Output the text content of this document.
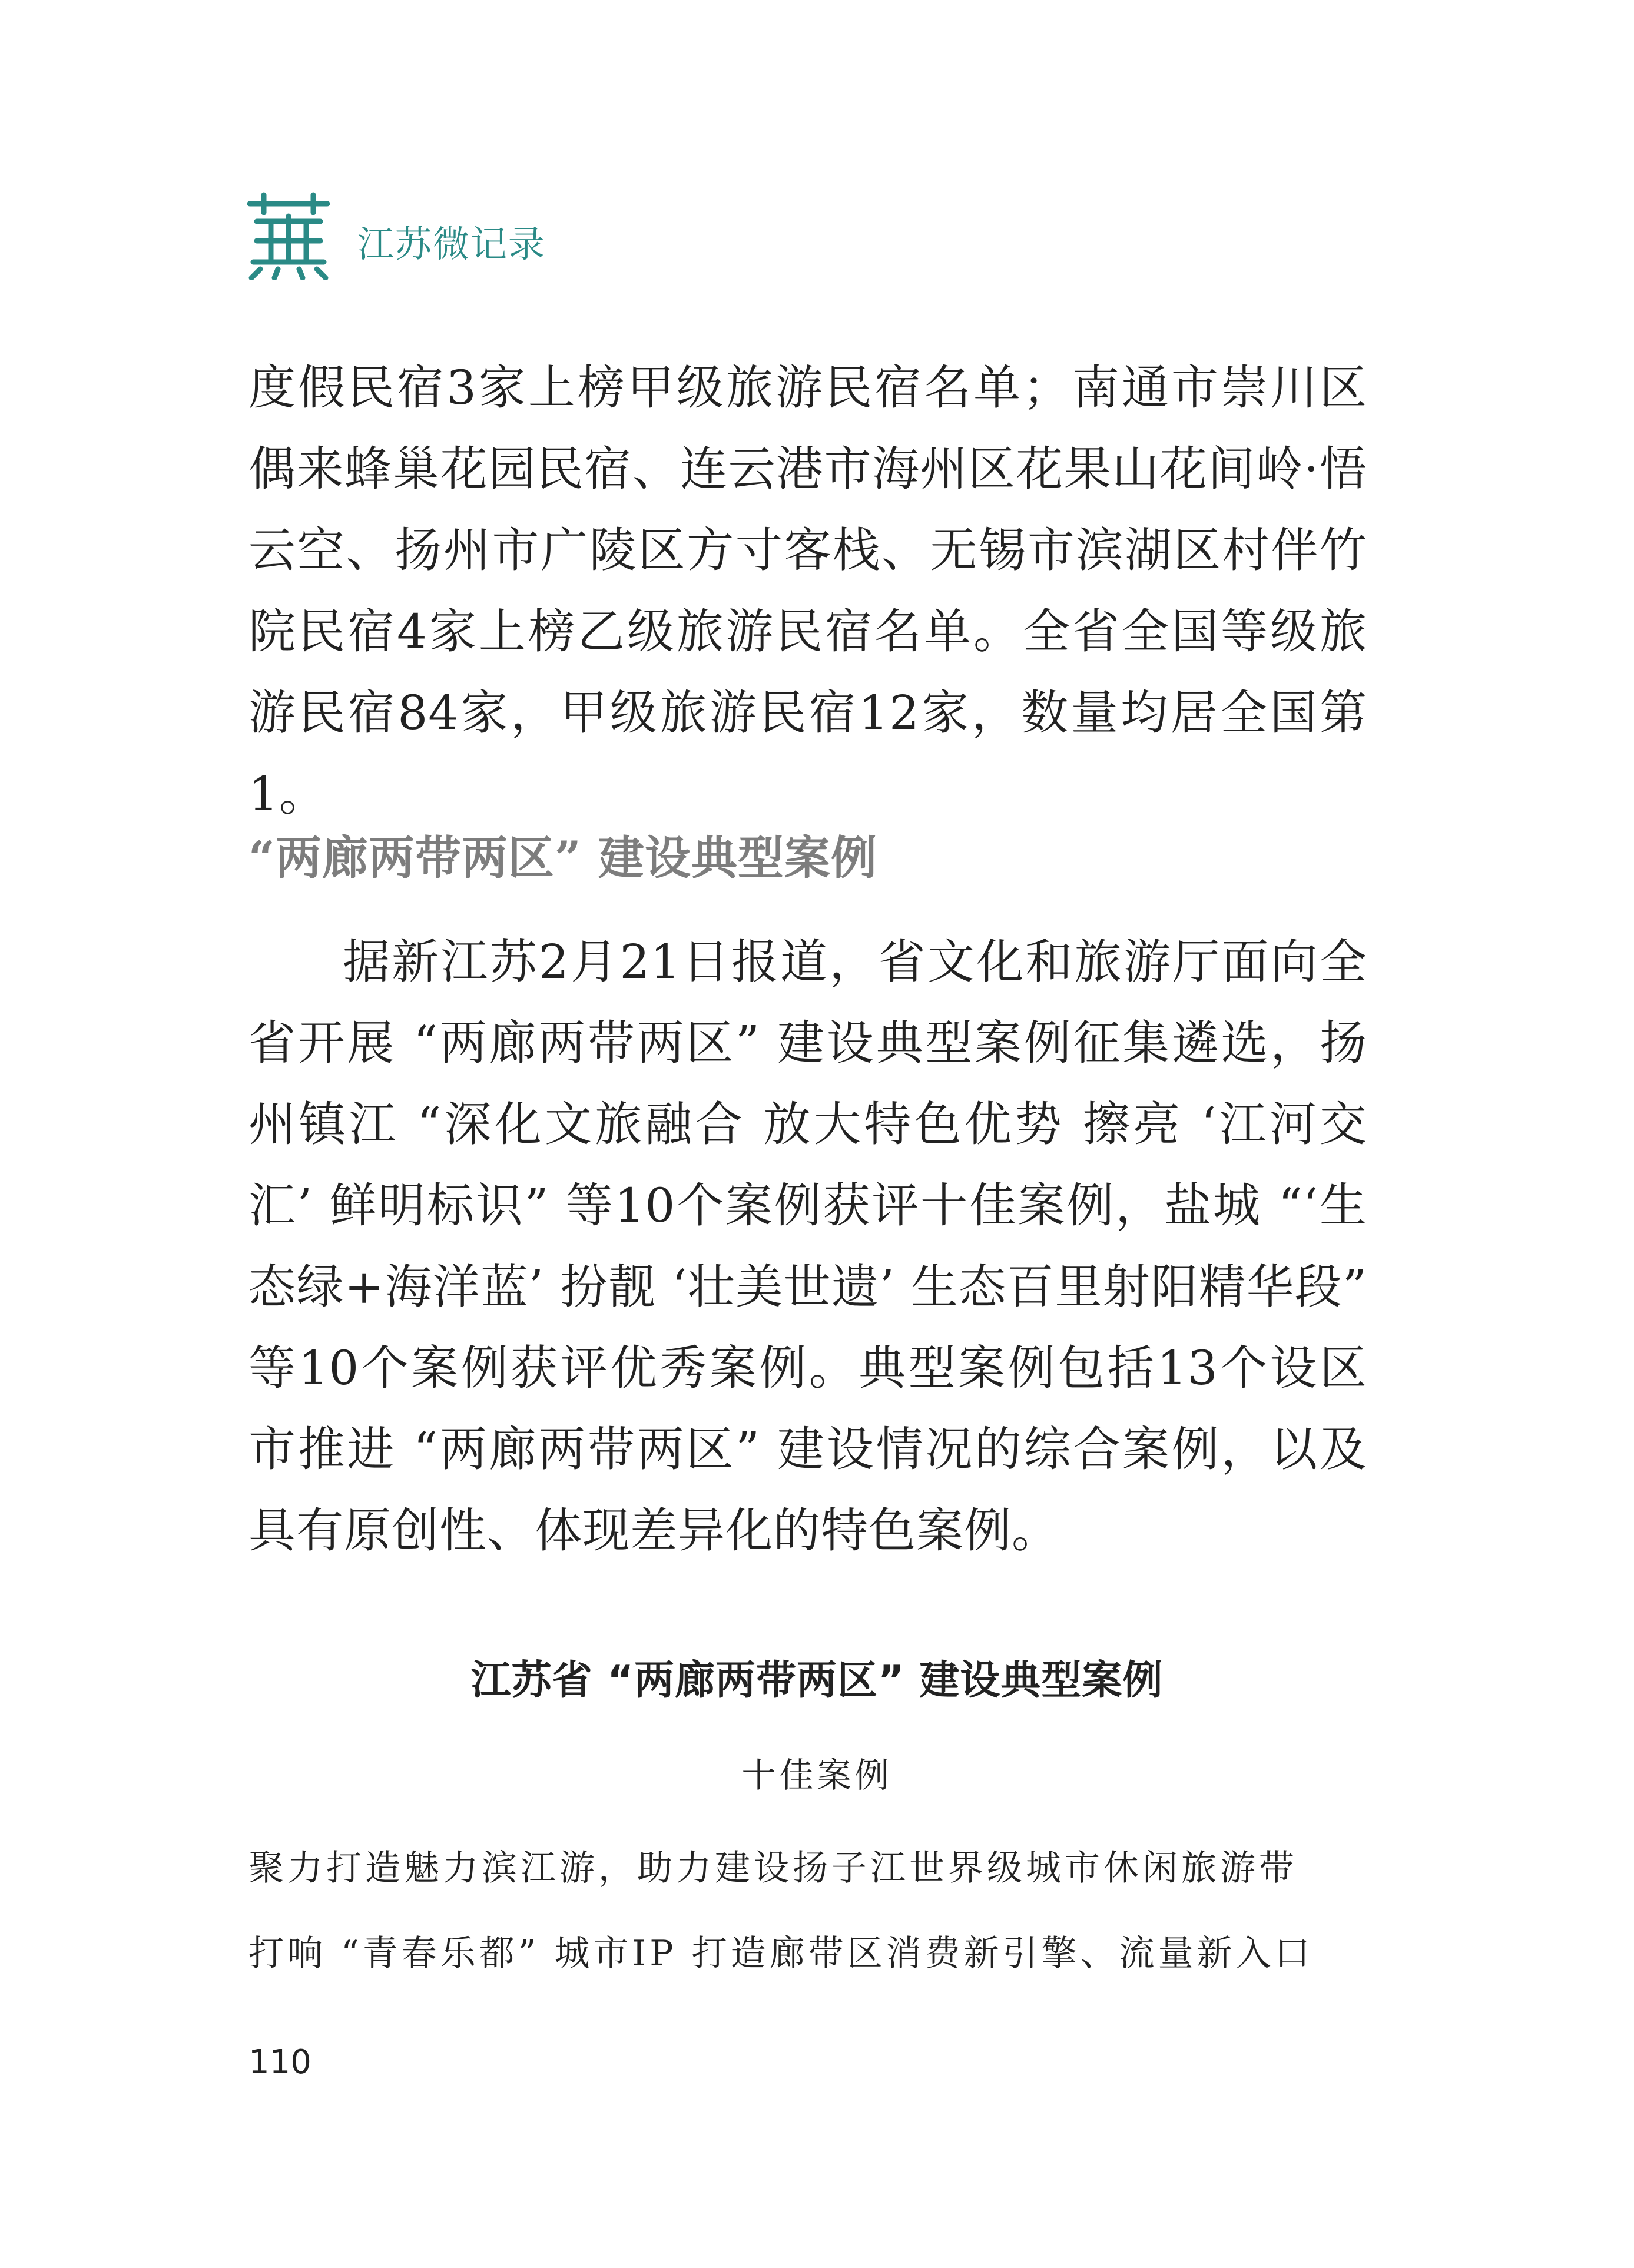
江苏微记录

度假民宿3家上榜甲级旅游民宿名单；南通市崇川区偶来蜂巢花园民宿、连云港市海州区花果山花间岭·悟云空、扬州市广陵区方寸客栈、无锡市滨湖区村伴竹院民宿4家上榜乙级旅游民宿名单。全省全国等级旅游民宿84家，甲级旅游民宿12家，数量均居全国第1。

“两廊两带两区” 建设典型案例

据新江苏2月21日报道，省文化和旅游厅面向全省开展 “两廊两带两区” 建设典型案例征集遴选，扬州镇江 “深化文旅融合 放大特色优势 擦亮 ‘江河交汇’ 鲜明标识” 等10个案例获评十佳案例，盐城 “‘生态绿+海洋蓝’ 扮靓 ‘壮美世遗’ 生态百里射阳精华段” 等10个案例获评优秀案例。典型案例包括13个设区市推进 “两廊两带两区” 建设情况的综合案例，以及具有原创性、体现差异化的特色案例。

江苏省 “两廊两带两区” 建设典型案例
十佳案例
聚力打造魅力滨江游，助力建设扬子江世界级城市休闲旅游带
打响 “青春乐都” 城市IP 打造廊带区消费新引擎、流量新入口
110
